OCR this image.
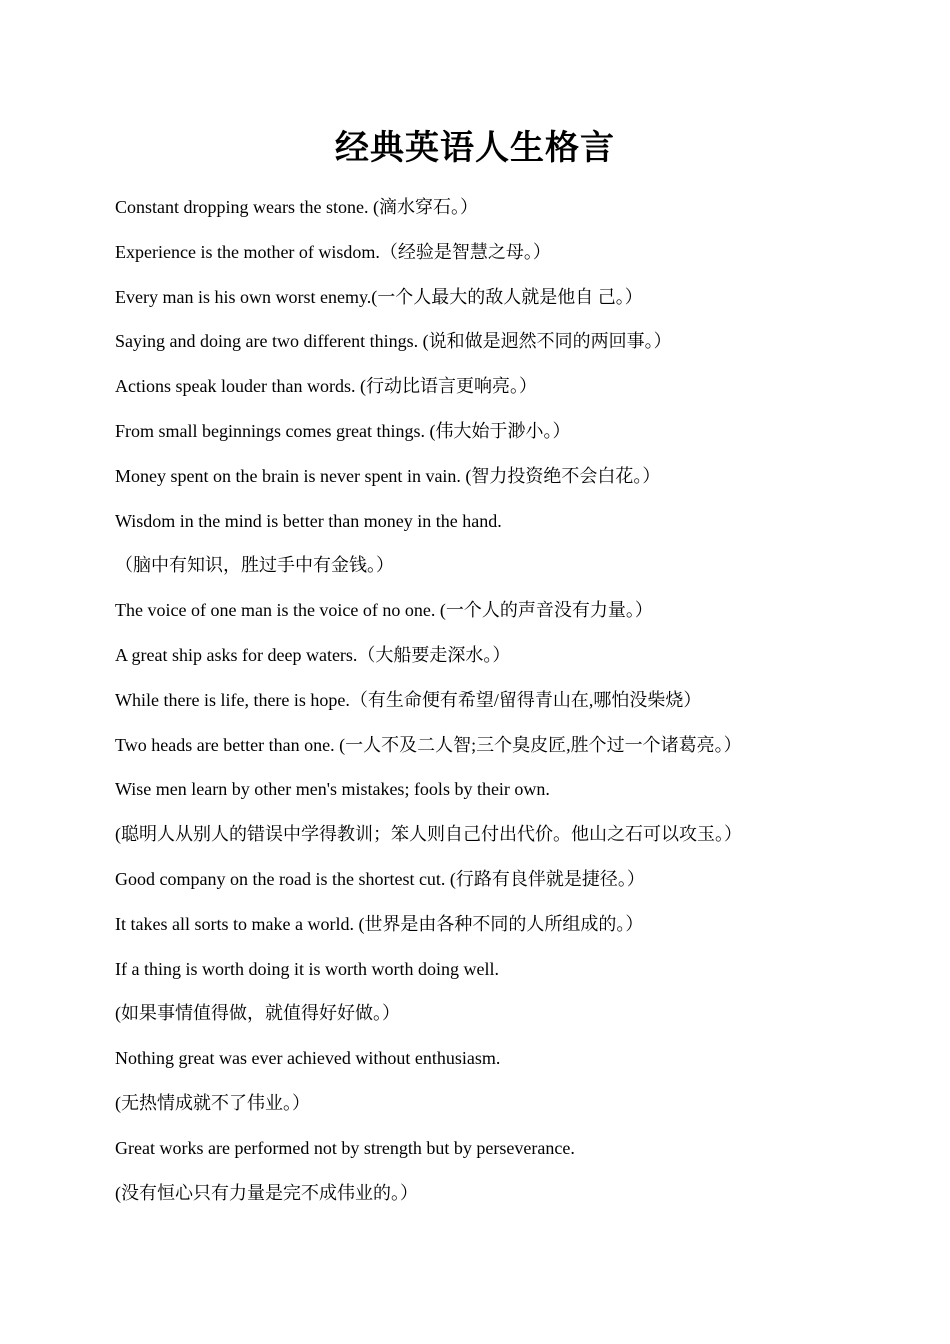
经典英语人生格言
Constant dropping wears the stone. (滴水穿石。）
Experience is the mother of wisdom.（经验是智慧之母。）
Every man is his own worst enemy.(一个人最大的敌人就是他自 己。）
Saying and doing are two different things. (说和做是迥然不同的两回事。）
Actions speak louder than words. (行动比语言更响亮。）
From small beginnings comes great things. (伟大始于渺小。）
Money spent on the brain is never spent in vain. (智力投资绝不会白花。）
Wisdom in the mind is better than money in the hand.
（脑中有知识，胜过手中有金钱。）
The voice of one man is the voice of no one. (一个人的声音没有力量。）
A great ship asks for deep waters.（大船要走深水。）
While there is life, there is hope.（有生命便有希望/留得青山在,哪怕没柴烧）
Two heads are better than one. (一人不及二人智;三个臭皮匠,胜个过一个诸葛亮。）
Wise men learn by other men's mistakes; fools by their own.
(聪明人从别人的错误中学得教训；笨人则自己付出代价。他山之石可以攻玉。）
Good company on the road is the shortest cut. (行路有良伴就是捷径。）
It takes all sorts to make a world. (世界是由各种不同的人所组成的。）
If a thing is worth doing it is worth worth doing well.
(如果事情值得做，就值得好好做。）
Nothing great was ever achieved without enthusiasm.
(无热情成就不了伟业。）
Great works are performed not by strength but by perseverance.
(没有恒心只有力量是完不成伟业的。）
